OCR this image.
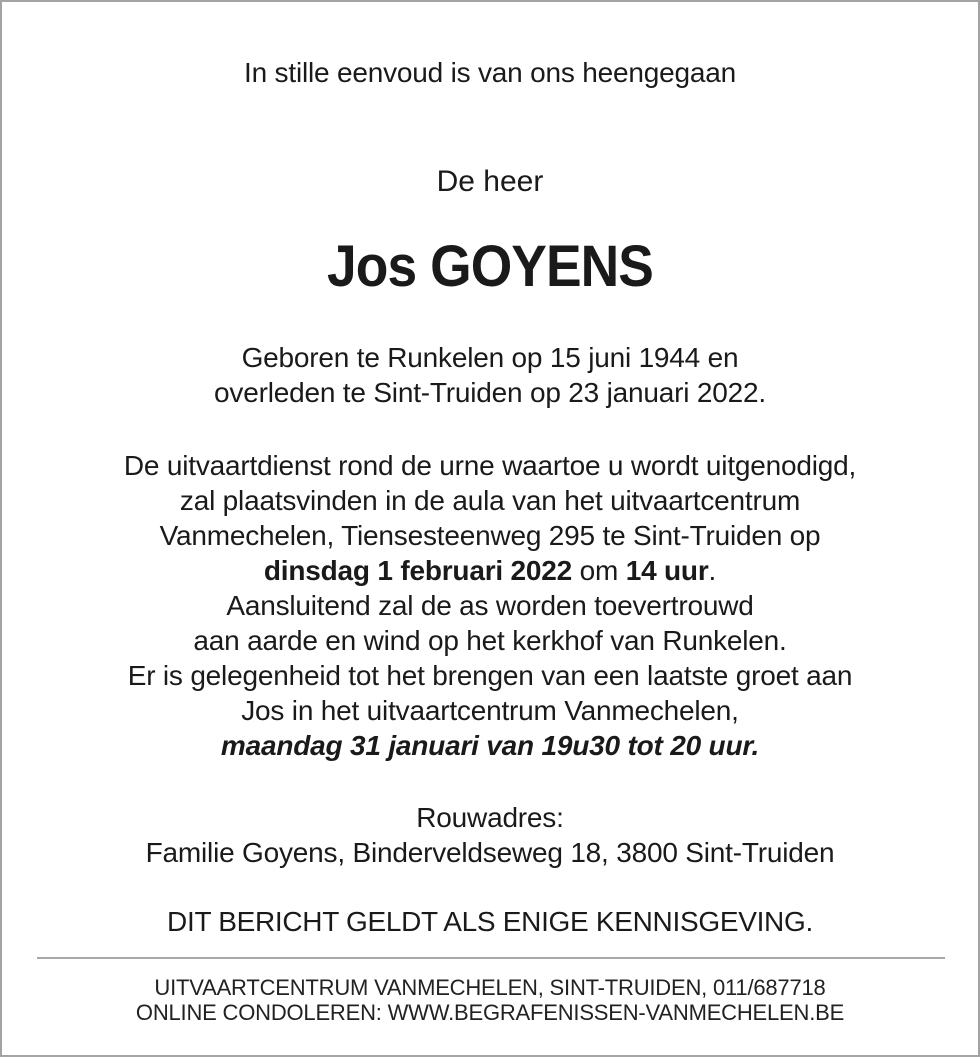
In stille eenvoud is van ons heengegaan
De heer
Jos GOYENS
Geboren te Runkelen op 15 juni 1944 en
overleden te Sint-Truiden op 23 januari 2022.
De uitvaartdienst rond de urne waartoe u wordt uitgenodigd,
zal plaatsvinden in de aula van het uitvaartcentrum
Vanmechelen, Tiensesteenweg 295 te Sint-Truiden op
dinsdag 1 februari 2022 om 14 uur.
Aansluitend zal de as worden toevertrouwd
aan aarde en wind op het kerkhof van Runkelen.
Er is gelegenheid tot het brengen van een laatste groet aan
Jos in het uitvaartcentrum Vanmechelen,
maandag 31 januari van 19u30 tot 20 uur.
Rouwadres:
Familie Goyens, Binderveldseweg 18, 3800 Sint-Truiden
DIT BERICHT GELDT ALS ENIGE KENNISGEVING.
UITVAARTCENTRUM VANMECHELEN, SINT-TRUIDEN, 011/687718
ONLINE CONDOLEREN: WWW.BEGRAFENISSEN-VANMECHELEN.BE
